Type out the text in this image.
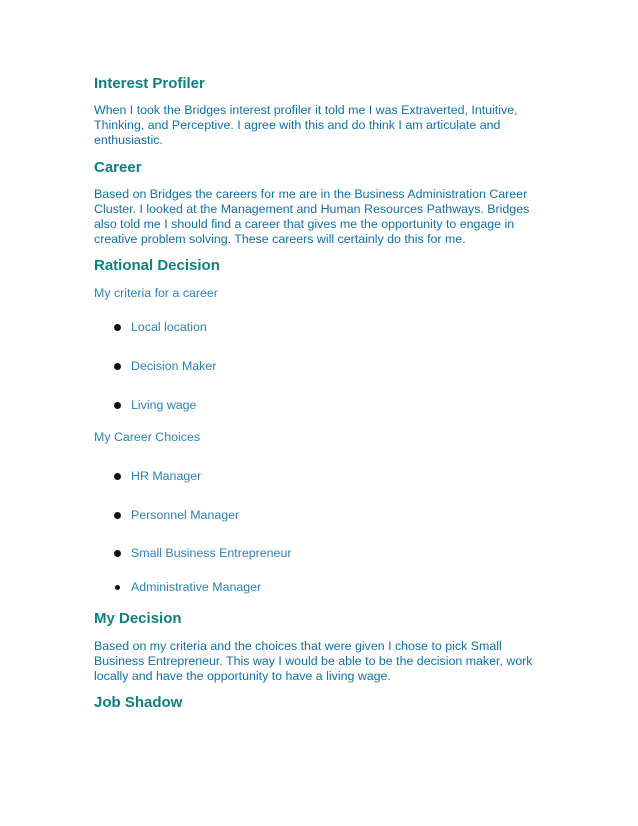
Interest Profiler

When I took the Bridges interest profiler it told me I was Extraverted, Intuitive, Thinking, and Perceptive. I agree with this and do think I am articulate and enthusiastic.

Career

Based on Bridges the careers for me are in the Business Administration Career Cluster. I looked at the Management and Human Resources Pathways. Bridges also told me I should find a career that gives me the opportunity to engage in creative problem solving. These careers will certainly do this for me.

Rational Decision

My criteria for a career

Local location
Decision Maker
Living wage

My Career Choices

HR Manager
Personnel Manager
Small Business Entrepreneur
Administrative Manager
My Decision

Based on my criteria and the choices that were given I chose to pick Small Business Entrepreneur. This way I would be able to be the decision maker, work locally and have the opportunity to have a living wage.

Job Shadow
